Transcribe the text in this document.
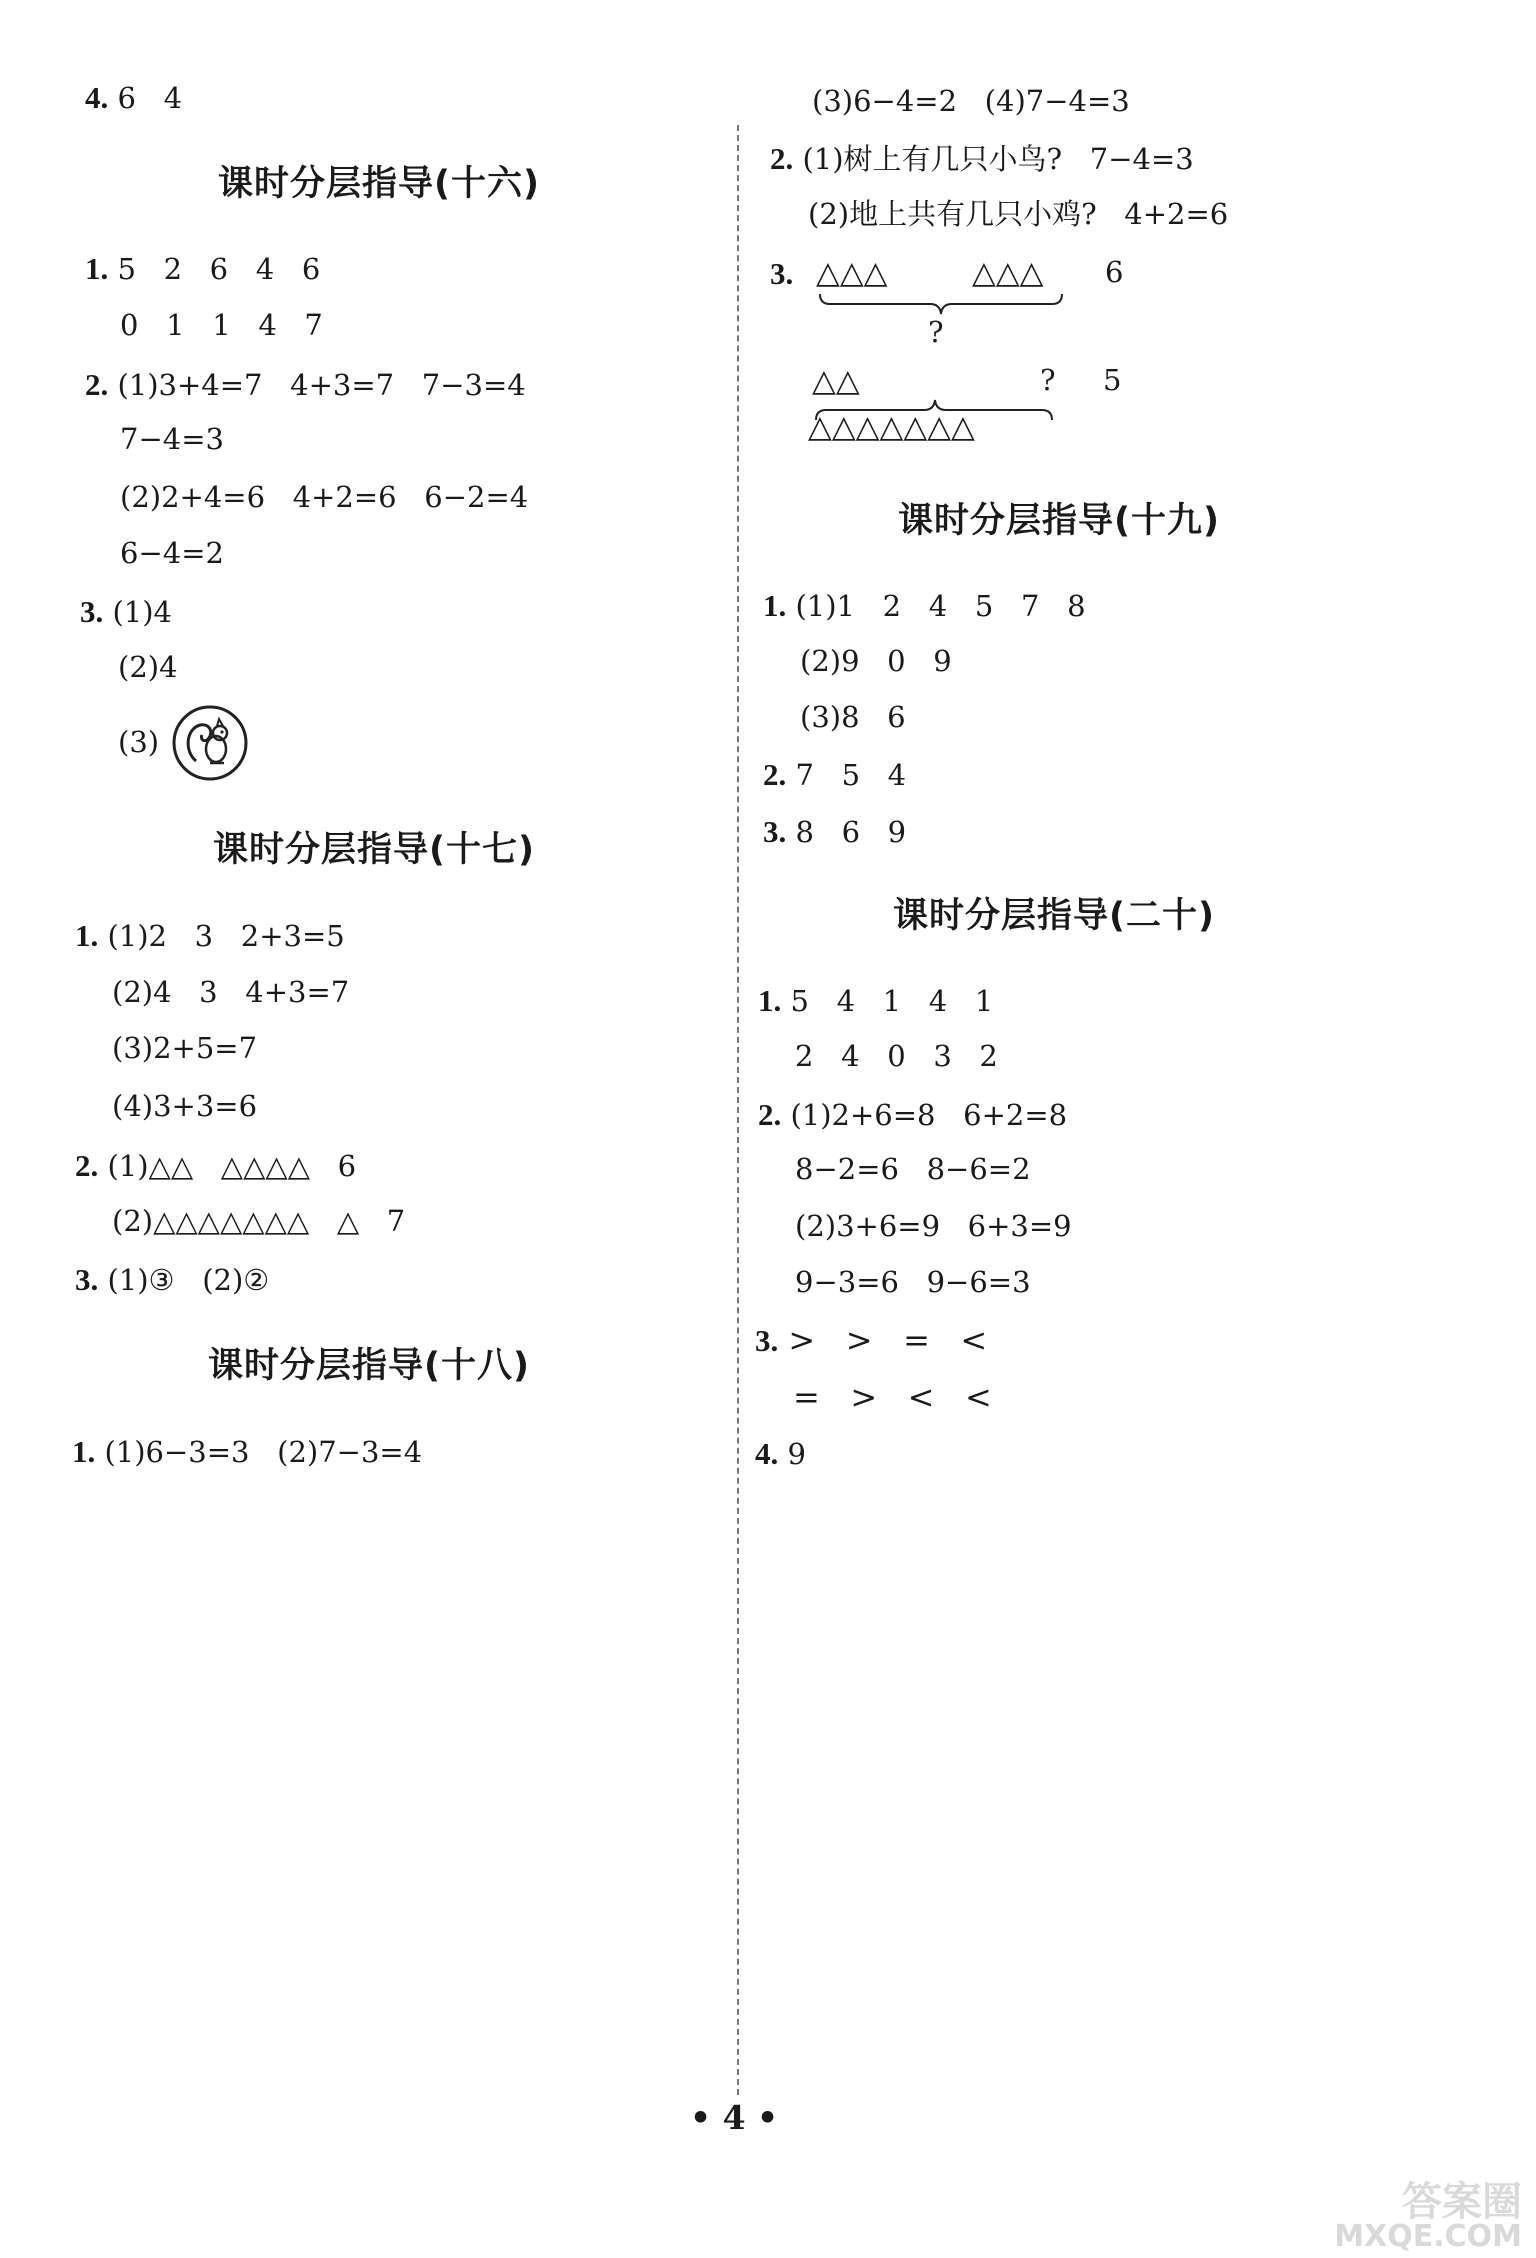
4. 6   4
课时分层指导(十六)
1. 5   2   6   4   6
0   1   1   4   7
2. (1)3+4=7   4+3=7   7−3=4
7−4=3
(2)2+4=6   4+2=6   6−2=4
6−4=2
3. (1)4
(2)4
(3)
课时分层指导(十七)
1. (1)2   3   2+3=5
(2)4   3   4+3=7
(3)2+5=7
(4)3+3=6
2. (1)△△   △△△△   6
(2)△△△△△△△   △   7
3. (1)③   (2)②
课时分层指导(十八)
1. (1)6−3=3   (2)7−3=4
(3)6−4=2   (4)7−4=3
2. (1)树上有几只小鸟?   7−4=3
(2)地上共有几只小鸡?   4+2=6
3. △△△	△△△ 6
?
△△	? 5
△△△△△△△
课时分层指导(十九)
1. (1)1   2   4   5   7   8
(2)9   0   9
(3)8   6
2. 7   5   4
3. 8   6   9
课时分层指导(二十)
1. 5   4   1   4   1
2   4   0   3   2
2. (1)2+6=8   6+2=8
8−2=6   8−6=2
(2)3+6=9   6+3=9
9−3=6   9−6=3
3. >   >   =   <
=   >   <   <
4. 9
• 4 •
答案圈
MXQE.COM
